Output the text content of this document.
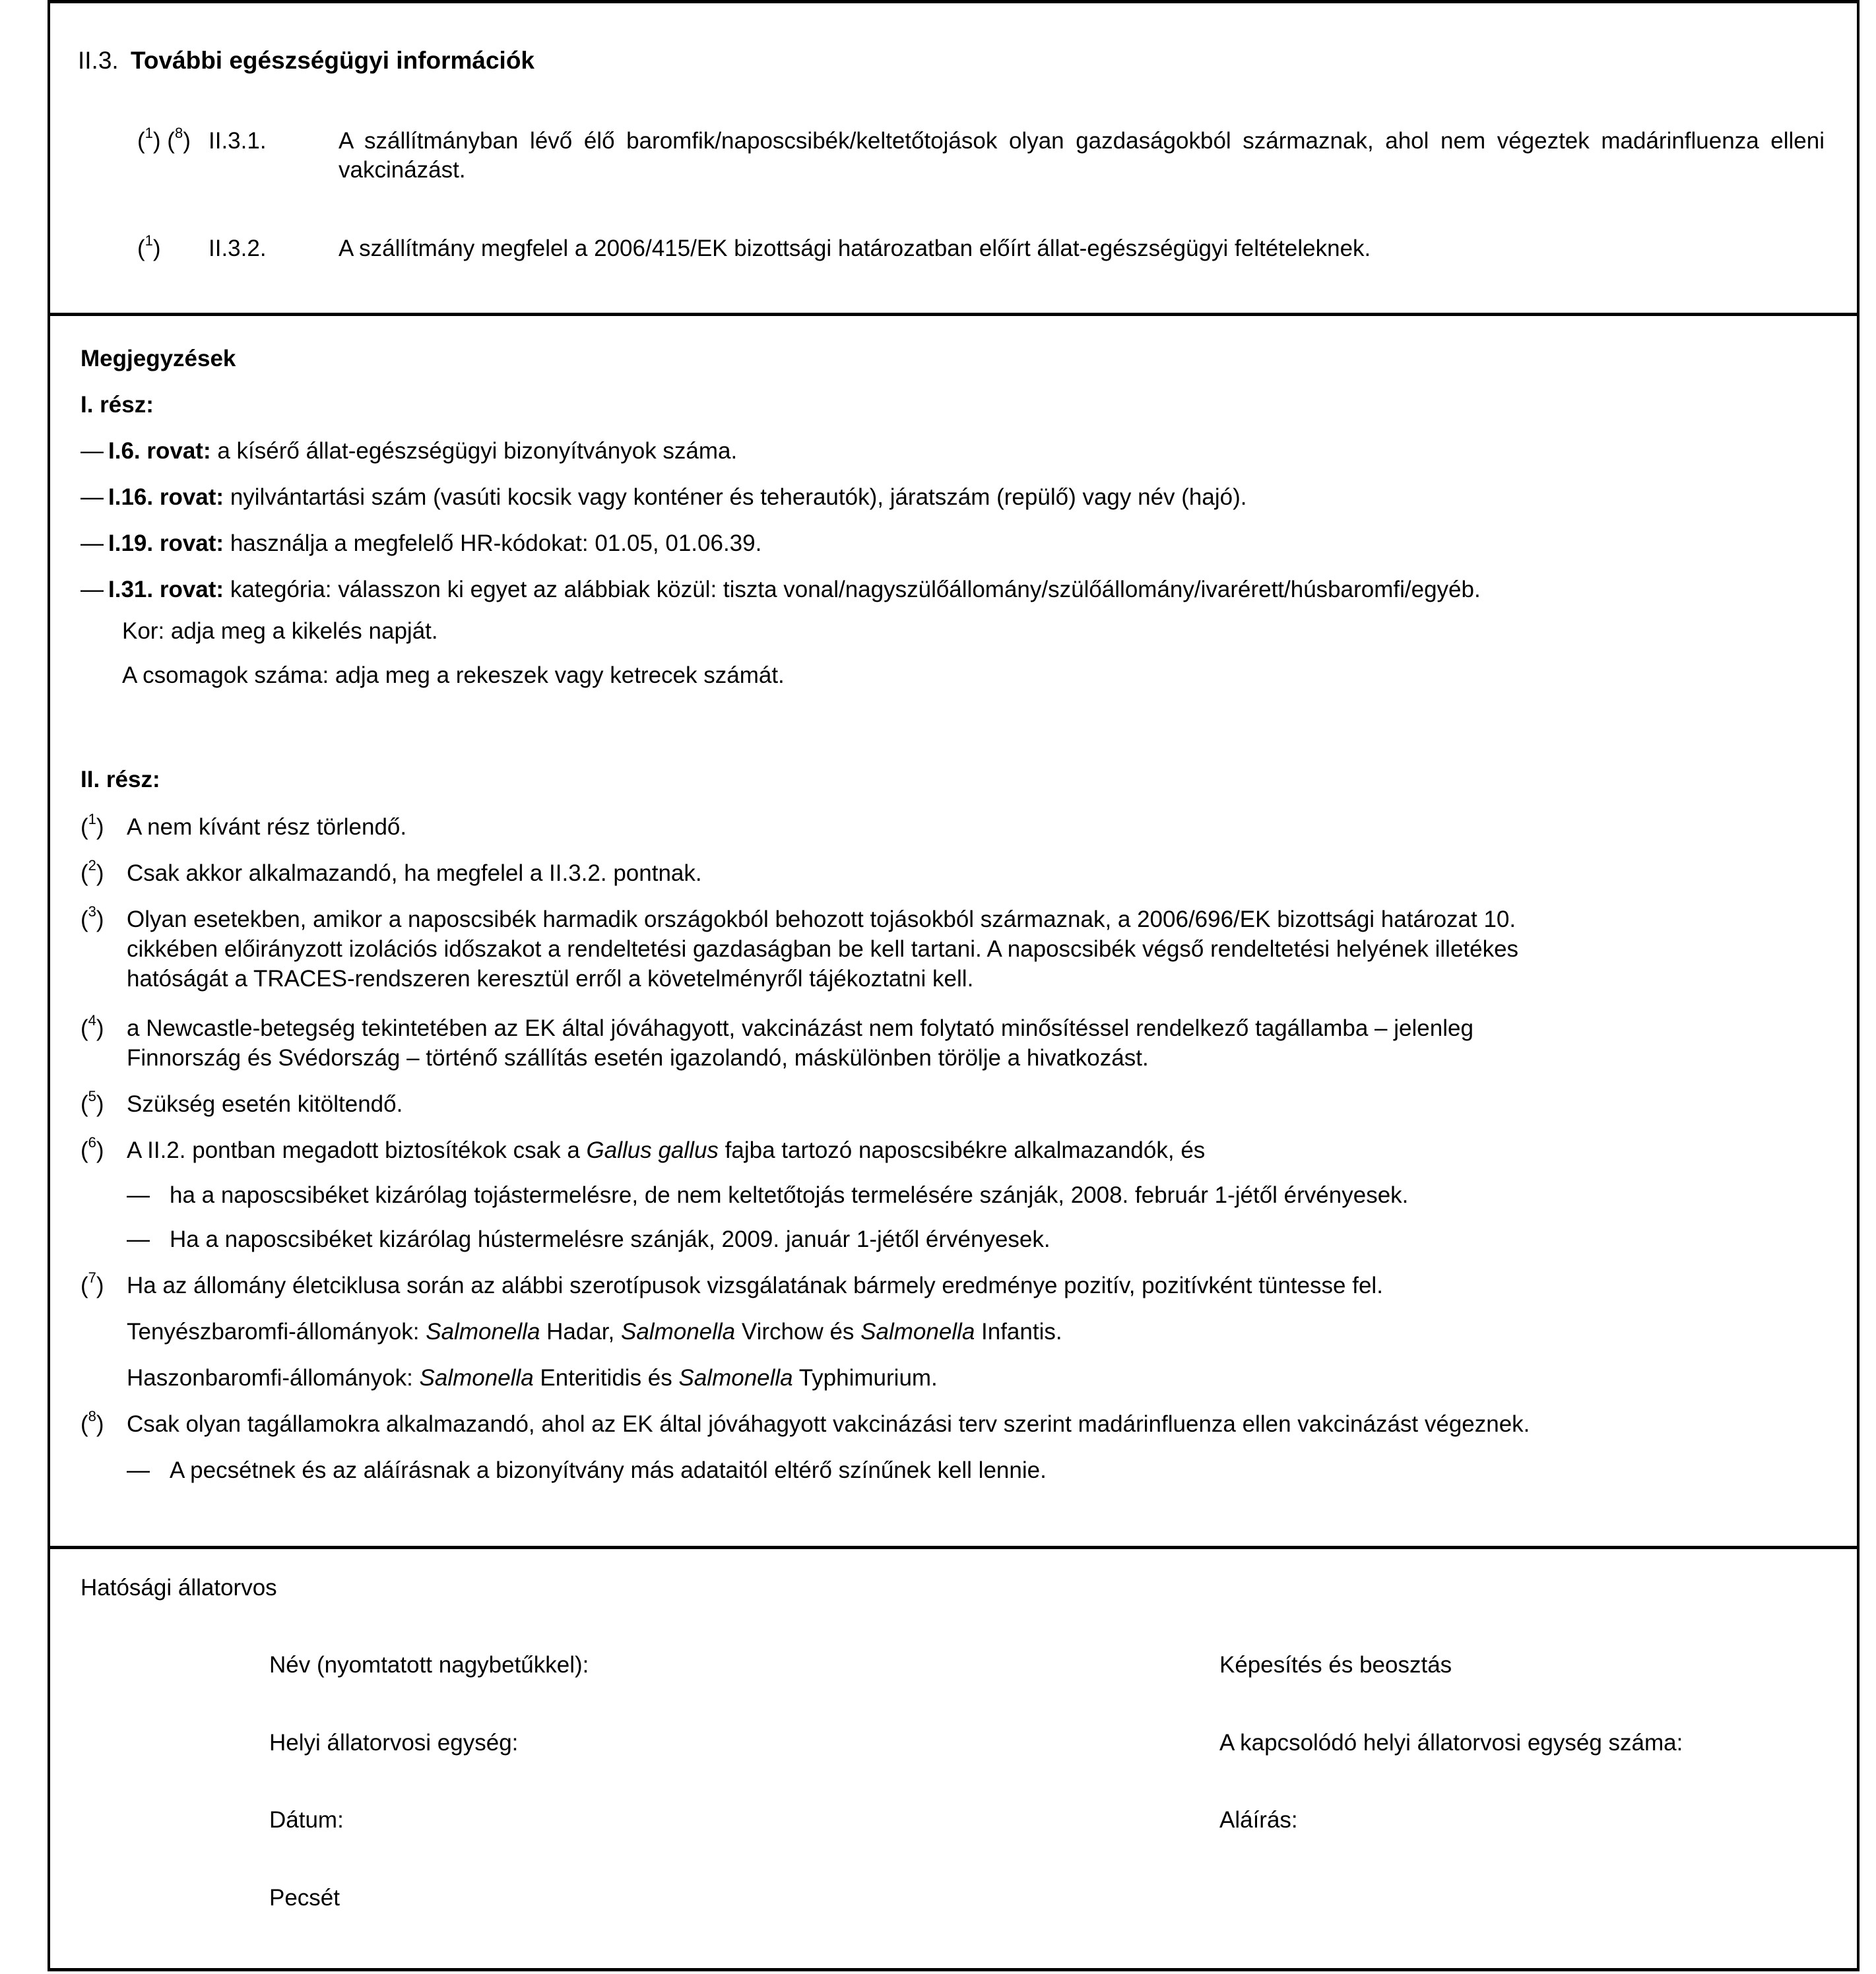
II.3. További egészségügyi információk
($^1$) ($^8$) II.3.1.	A szállítmányban lévő élő baromfik/naposcsibék/keltetőtojások olyan gazdaságokból származnak, ahol nem végeztek madárinfluenza elleni vakcinázást.
($^1$) II.3.2.	A szállítmány megfelel a 2006/415/EK bizottsági határozatban előírt állat-egészségügyi feltételeknek.
Megjegyzések
I. rész:
— I.6. rovat: a kísérő állat-egészségügyi bizonyítványok száma.
— I.16. rovat: nyilvántartási szám (vasúti kocsik vagy konténer és teherautók), járatszám (repülő) vagy név (hajó).
— I.19. rovat: használja a megfelelő HR-kódokat: 01.05, 01.06.39.
— I.31. rovat: kategória: válasszon ki egyet az alábbiak közül: tiszta vonal/nagyszülőállomány/szülőállomány/ivarérett/húsbaromfi/egyéb.
Kor: adja meg a kikelés napját.
A csomagok száma: adja meg a rekeszek vagy ketrecek számát.
II. rész:
($^1$) A nem kívánt rész törlendő.
($^2$) Csak akkor alkalmazandó, ha megfelel a II.3.2. pontnak.
($^3$) Olyan esetekben, amikor a naposcsibék harmadik országokból behozott tojásokból származnak, a 2006/696/EK bizottsági határozat 10.
cikkében előirányzott izolációs időszakot a rendeltetési gazdaságban be kell tartani. A naposcsibék végső rendeltetési helyének illetékes
hatóságát a TRACES-rendszeren keresztül erről a követelményről tájékoztatni kell.
($^4$) a Newcastle-betegség tekintetében az EK által jóváhagyott, vakcinázást nem folytató minősítéssel rendelkező tagállamba – jelenleg
Finnország és Svédország – történő szállítás esetén igazolandó, máskülönben törölje a hivatkozást.
($^5$) Szükség esetén kitöltendő.
($^6$) A II.2. pontban megadott biztosítékok csak a Gallus gallus fajba tartozó naposcsibékre alkalmazandók, és
— ha a naposcsibéket kizárólag tojástermelésre, de nem keltetőtojás termelésére szánják, 2008. február 1-jétől érvényesek.
— Ha a naposcsibéket kizárólag hústermelésre szánják, 2009. január 1-jétől érvényesek.
($^7$) Ha az állomány életciklusa során az alábbi szerotípusok vizsgálatának bármely eredménye pozitív, pozitívként tüntesse fel.
Tenyészbaromfi-állományok: Salmonella Hadar, Salmonella Virchow és Salmonella Infantis.
Haszonbaromfi-állományok: Salmonella Enteritidis és Salmonella Typhimurium.
($^8$) Csak olyan tagállamokra alkalmazandó, ahol az EK által jóváhagyott vakcinázási terv szerint madárinfluenza ellen vakcinázást végeznek.
— A pecsétnek és az aláírásnak a bizonyítvány más adataitól eltérő színűnek kell lennie.
Hatósági állatorvos
Név (nyomtatott nagybetűkkel):
Helyi állatorvosi egység:
Dátum:
Pecsét
Képesítés és beosztás
A kapcsolódó helyi állatorvosi egység száma:
Aláírás:
